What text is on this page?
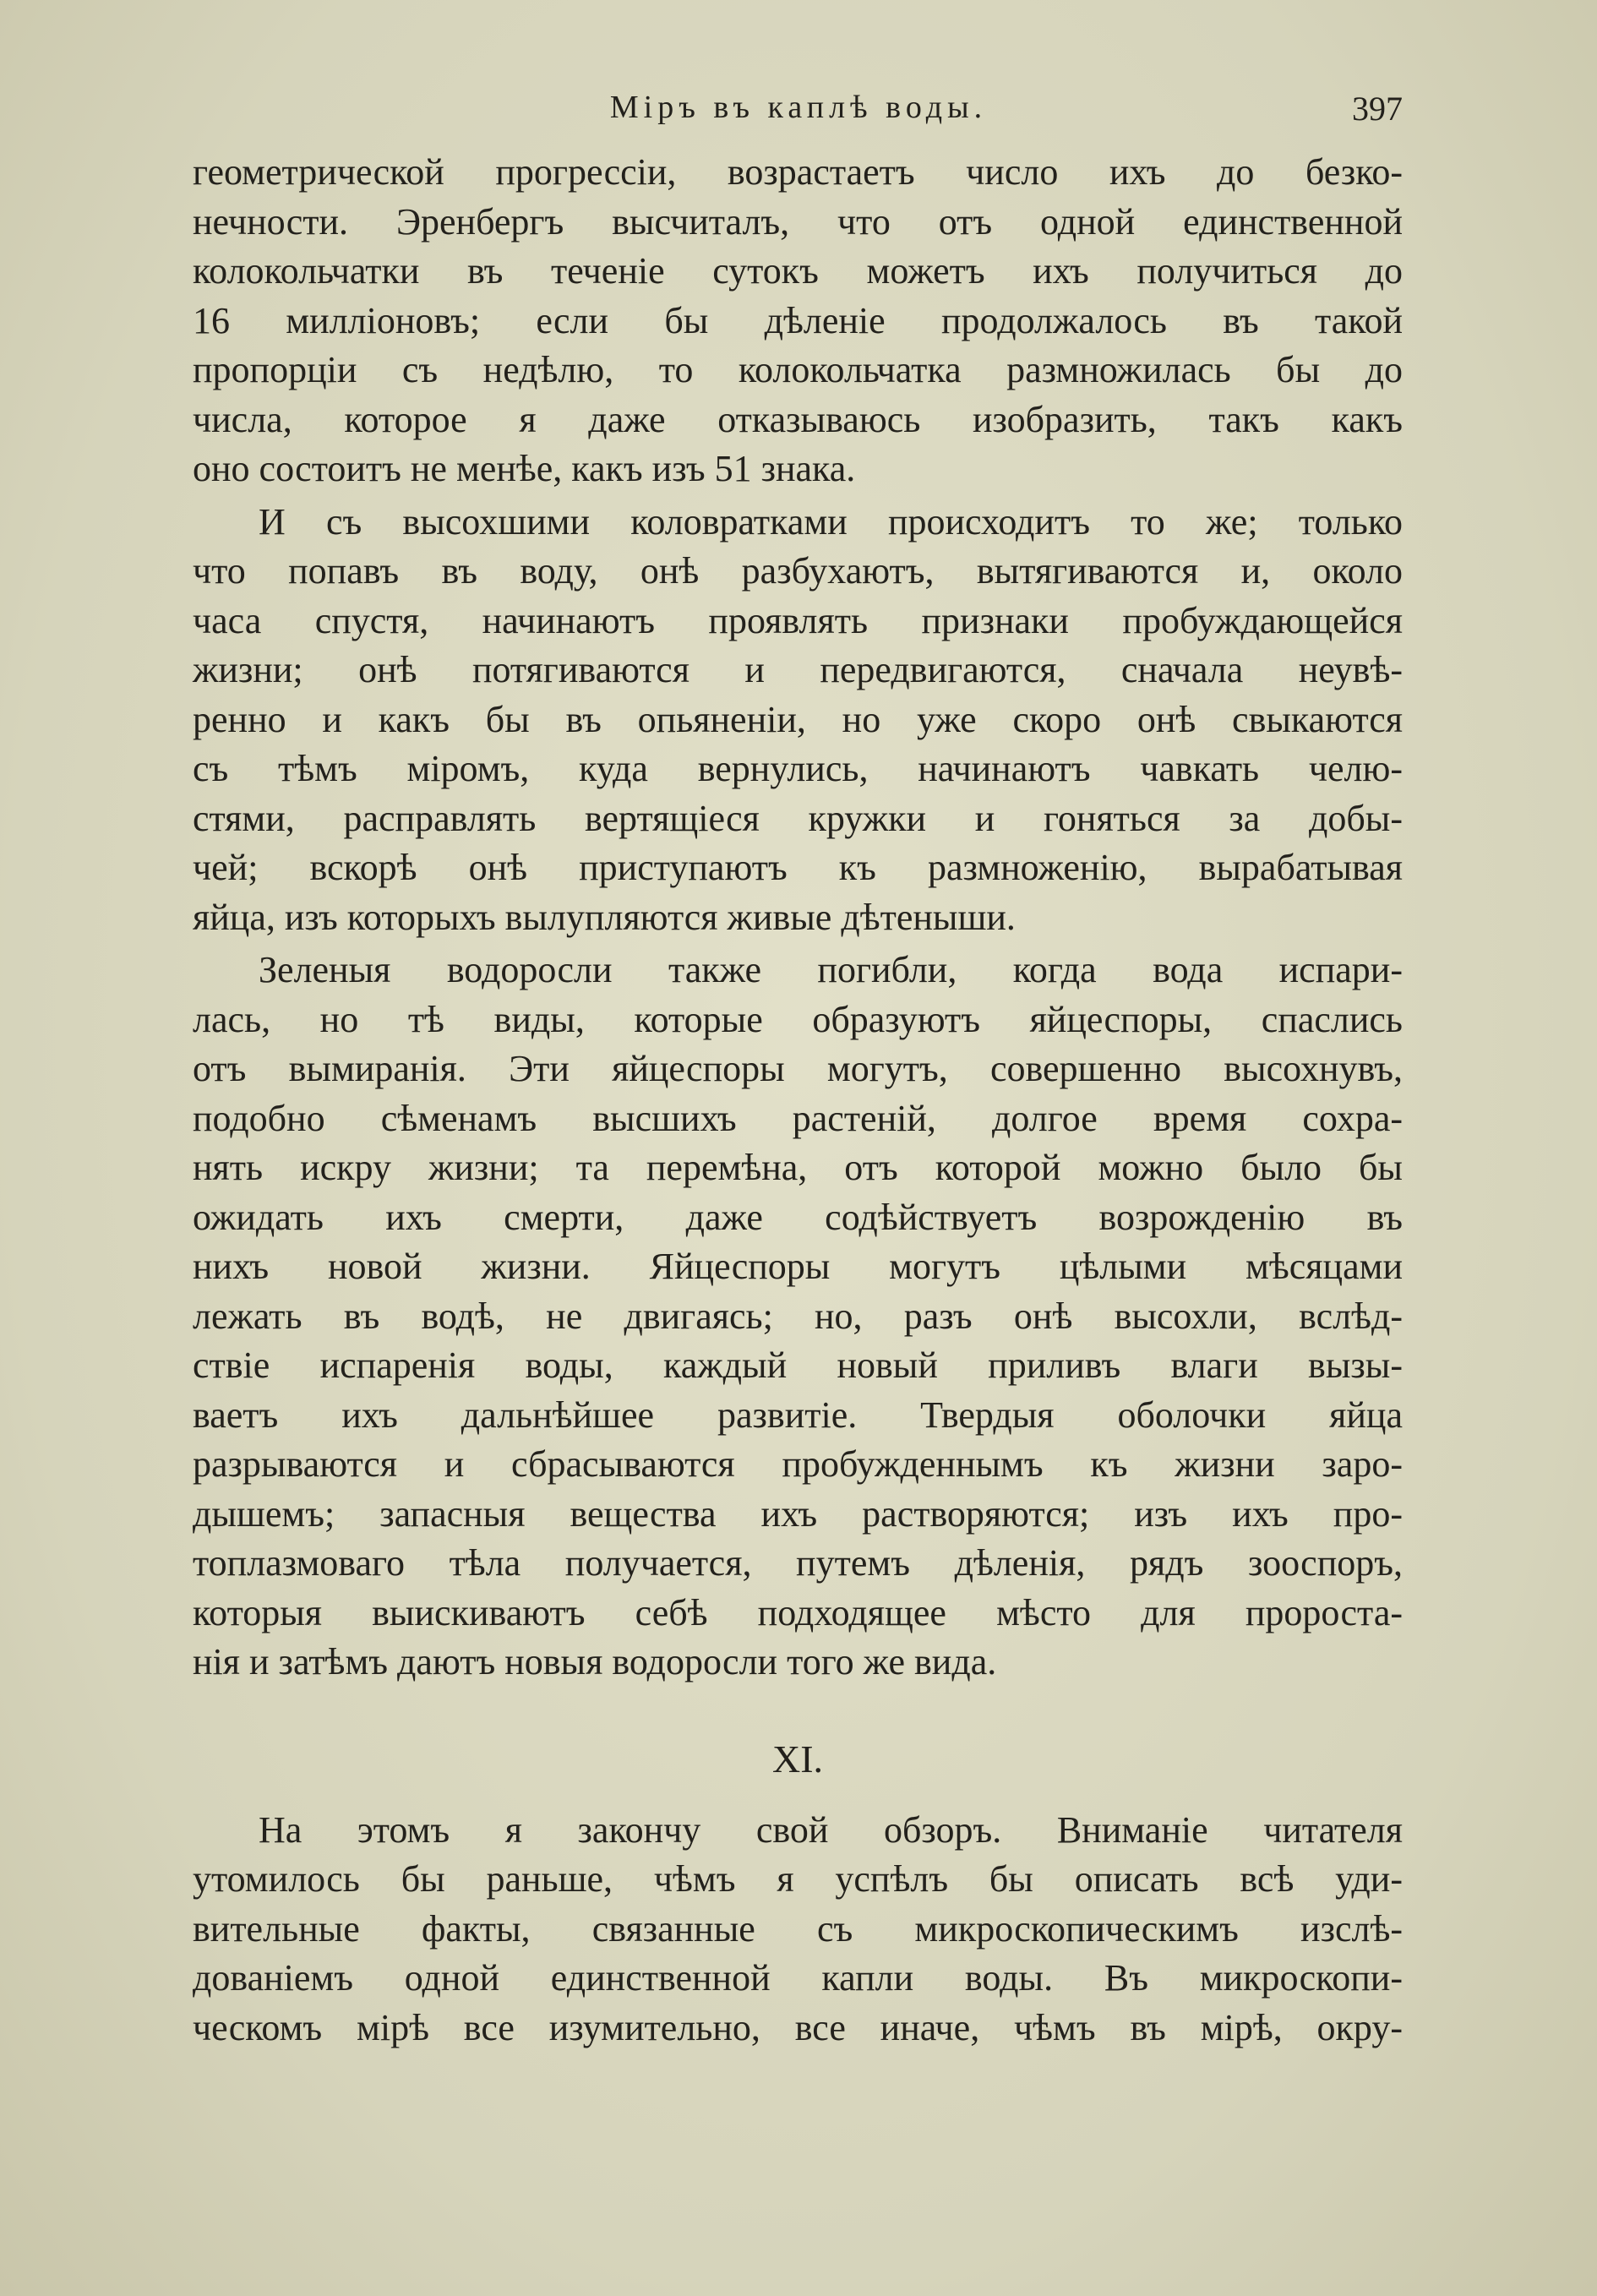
Міръ въ каплѣ воды.	397
геометрической прогрессіи, возрастаетъ число ихъ до безко-
нечности. Эренбергъ высчиталъ, что отъ одной единственной
колокольчатки въ теченіе сутокъ можетъ ихъ получиться до
16 милліоновъ; если бы дѣленіе продолжалось въ такой
пропорціи съ недѣлю, то колокольчатка размножилась бы до
числа, которое я даже отказываюсь изобразить, такъ какъ
оно состоитъ не менѣе, какъ изъ 51 знака.
И съ высохшими коловратками происходитъ то же; только
что попавъ въ воду, онѣ разбухаютъ, вытягиваются и, около
часа спустя, начинаютъ проявлять признаки пробуждающейся
жизни; онѣ потягиваются и передвигаются, сначала неувѣ-
ренно и какъ бы въ опьяненіи, но уже скоро онѣ свыкаются
съ тѣмъ міромъ, куда вернулись, начинаютъ чавкать челю-
стями, расправлять вертящіеся кружки и гоняться за добы-
чей; вскорѣ онѣ приступаютъ къ размноженію, вырабатывая
яйца, изъ которыхъ вылупляются живые дѣтеныши.
Зеленыя водоросли также погибли, когда вода испари-
лась, но тѣ виды, которые образуютъ яйцеспоры, спаслись
отъ вымиранія. Эти яйцеспоры могутъ, совершенно высохнувъ,
подобно сѣменамъ высшихъ растеній, долгое время сохра-
нять искру жизни; та перемѣна, отъ которой можно было бы
ожидать ихъ смерти, даже содѣйствуетъ возрожденію въ
нихъ новой жизни. Яйцеспоры могутъ цѣлыми мѣсяцами
лежать въ водѣ, не двигаясь; но, разъ онѣ высохли, вслѣд-
ствіе испаренія воды, каждый новый приливъ влаги вызы-
ваетъ ихъ дальнѣйшее развитіе. Твердыя оболочки яйца
разрываются и сбрасываются пробужденнымъ къ жизни заро-
дышемъ; запасныя вещества ихъ растворяются; изъ ихъ про-
топлазмоваго тѣла получается, путемъ дѣленія, рядъ зооспоръ,
которыя выискиваютъ себѣ подходящее мѣсто для пророста-
нія и затѣмъ даютъ новыя водоросли того же вида.
XI.
На этомъ я закончу свой обзоръ. Вниманіе читателя
утомилось бы раньше, чѣмъ я успѣлъ бы описать всѣ уди-
вительные факты, связанные съ микроскопическимъ изслѣ-
дованіемъ одной единственной капли воды. Въ микроскопи-
ческомъ мірѣ все изумительно, все иначе, чѣмъ въ мірѣ, окру-
